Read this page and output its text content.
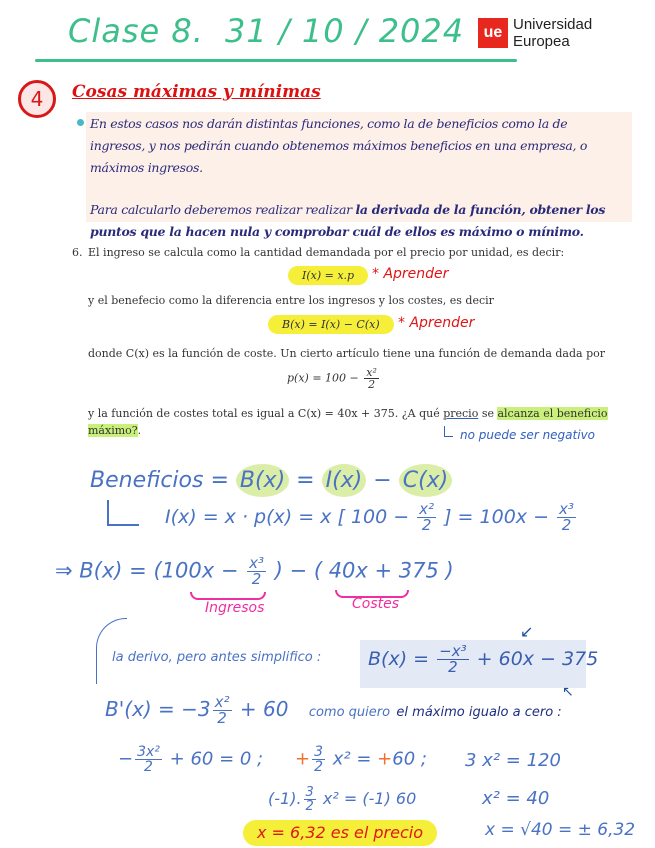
Clase 8. 31 / 10 / 2024	ue Universidad
Europea
4	Cosas máximas y mínimas
En estos casos nos darán distintas funciones, como la de beneficios como la de ingresos, y nos pedirán cuando obtenemos máximos beneficios en una empresa, o máximos ingresos.
Para calcularlo deberemos realizar realizar la derivada de la función, obtener los puntos que la hacen nula y comprobar cuál de ellos es máximo o mínimo.
6. El ingreso se calcula como la cantidad demandada por el precio por unidad, es decir:
I(x) = x.p	* Aprender
y el benefecio como la diferencia entre los ingresos y los costes, es decir
B(x) = I(x) − C(x)	* Aprender
donde C(x) es la función de coste. Un cierto artículo tiene una función de demanda dada por
$p(x) = 100 - \frac{\text{x²}}{2}$
y la función de costes total es igual a C(x) = 40x + 375. ¿A qué precio se alcanza el beneficio
máximo?.	no puede ser negativo
Beneficios = B(x) = I(x) − C(x)
I(x) = x · p(x) = x [ $100 - \frac{\text{x²}}{2}$ ] = $100x - \frac{\text{x³}}{2}$
⇒ $B(x) = (100x - \frac{\text{x³}}{2}$ ) − ( 40x + 375 )
Ingresos	Costes
la derivo, pero antes simplifico : $B(x) = \frac{\text{−x³}}{2} + 60x - 375$
↙
↖
$B'(x) = -3 \frac{\text{x²}}{2} + 60$ como quiero el máximo igualo a cero :
− $\frac{\text{3x²}}{2} + 60 = 0$ ; + $\frac{3}{2} x^2 = +60$ ; 3 x² = 120
(-1). $\frac{3}{2} x^2 = (-1)$ 60	x² = 40
x = 6,32 es el precio	x = √40 = ± 6,32
